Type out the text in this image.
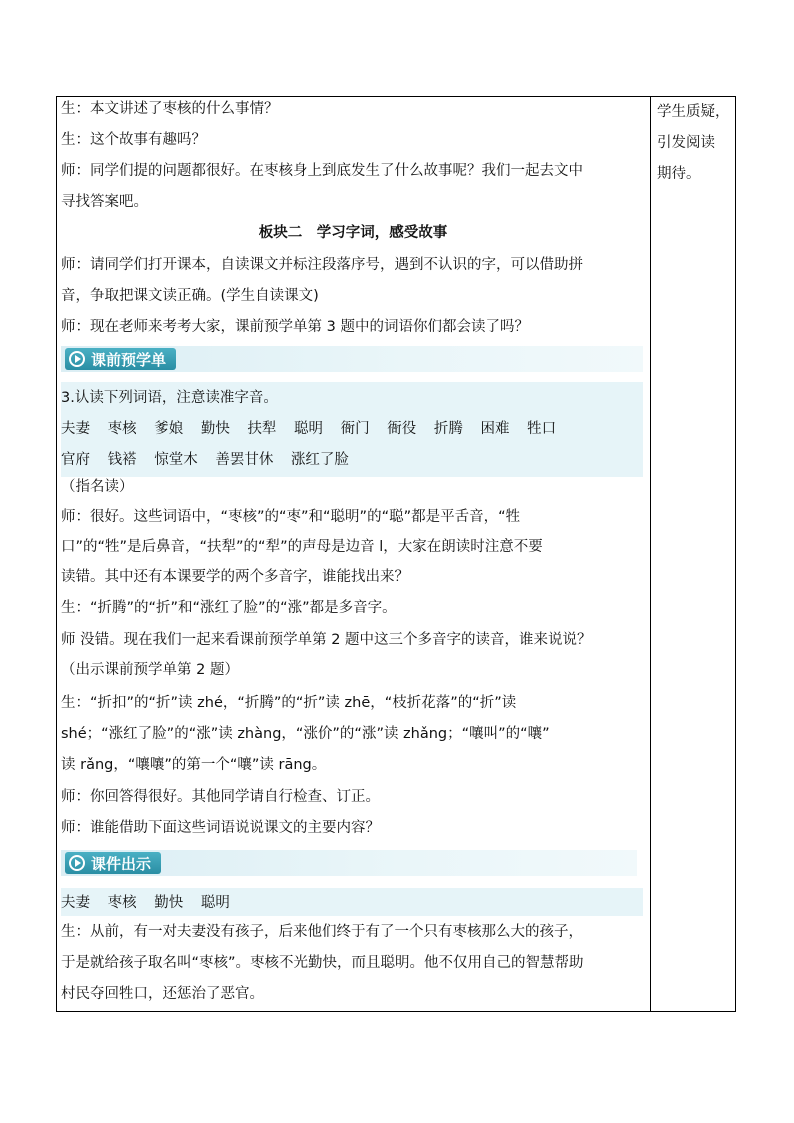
生：本文讲述了枣核的什么事情？
生：这个故事有趣吗？
师：同学们提的问题都很好。在枣核身上到底发生了什么故事呢？我们一起去文中
寻找答案吧。
板块二　学习字词，感受故事
师：请同学们打开课本，自读课文并标注段落序号，遇到不认识的字，可以借助拼
音，争取把课文读正确。(学生自读课文)
师：现在老师来考考大家，课前预学单第 3 题中的词语你们都会读了吗？
课前预学单
3.认读下列词语，注意读准字音。
夫妻 枣核 爹娘 勤快 扶犁 聪明 衙门 衙役 折腾 困难 牲口
官府 钱褡 惊堂木 善罢甘休 涨红了脸
（指名读）
师：很好。这些词语中，“枣核”的“枣”和“聪明”的“聪”都是平舌音，“牲
口”的“牲”是后鼻音，“扶犁”的“犁”的声母是边音 l，大家在朗读时注意不要
读错。其中还有本课要学的两个多音字，谁能找出来？
生：“折腾”的“折”和“涨红了脸”的“涨”都是多音字。
师 没错。现在我们一起来看课前预学单第 2 题中这三个多音字的读音，谁来说说？
（出示课前预学单第 2 题）
生：“折扣”的“折”读 zhé，“折腾”的“折”读 zhē，“枝折花落”的“折”读
shé；“涨红了脸”的“涨”读 zhàng，“涨价”的“涨”读 zhǎng；“嚷叫”的“嚷”
读 rǎng，“嚷嚷”的第一个“嚷”读 rāng。
师：你回答得很好。其他同学请自行检查、订正。
师：谁能借助下面这些词语说说课文的主要内容？
课件出示
夫妻 枣核 勤快 聪明
生：从前，有一对夫妻没有孩子，后来他们终于有了一个只有枣核那么大的孩子，
于是就给孩子取名叫“枣核”。枣核不光勤快，而且聪明。他不仅用自己的智慧帮助
村民夺回牲口，还惩治了恶官。
学生质疑，
引发阅读
期待。
